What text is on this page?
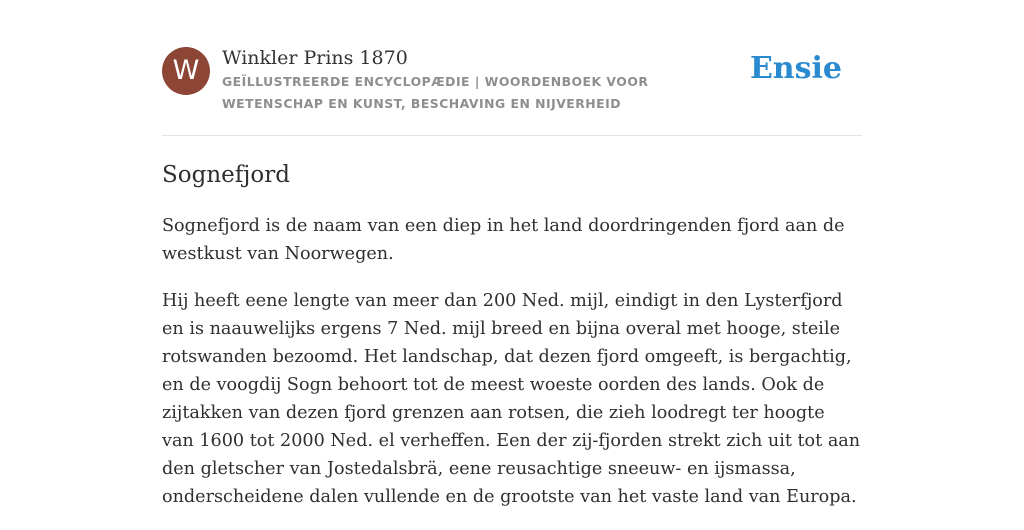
W	Winkler Prins 1870
GEÏLLUSTREERDE ENCYCLOPÆDIE | WOORDENBOEK VOOR WETENSCHAP EN KUNST, BESCHAVING EN NIJVERHEID
Ensie
Sognefjord

Sognefjord is de naam van een diep in het land doordringenden fjord aan de westkust van Noorwegen.

Hij heeft eene lengte van meer dan 200 Ned. mijl, eindigt in den Lysterfjord en is naauwelijks ergens 7 Ned. mijl breed en bijna overal met hooge, steile rotswanden bezoomd. Het landschap, dat dezen fjord omgeeft, is bergachtig, en de voogdij Sogn behoort tot de meest woeste oorden des lands. Ook de zijtakken van dezen fjord grenzen aan rotsen, die zieh loodregt ter hoogte van 1600 tot 2000 Ned. el verheffen. Een der zij-fjorden strekt zich uit tot aan den gletscher van Jostedalsbrä, eene reusachtige sneeuw- en ijsmassa, onderscheidene dalen vullende en de grootste van het vaste land van Europa.
